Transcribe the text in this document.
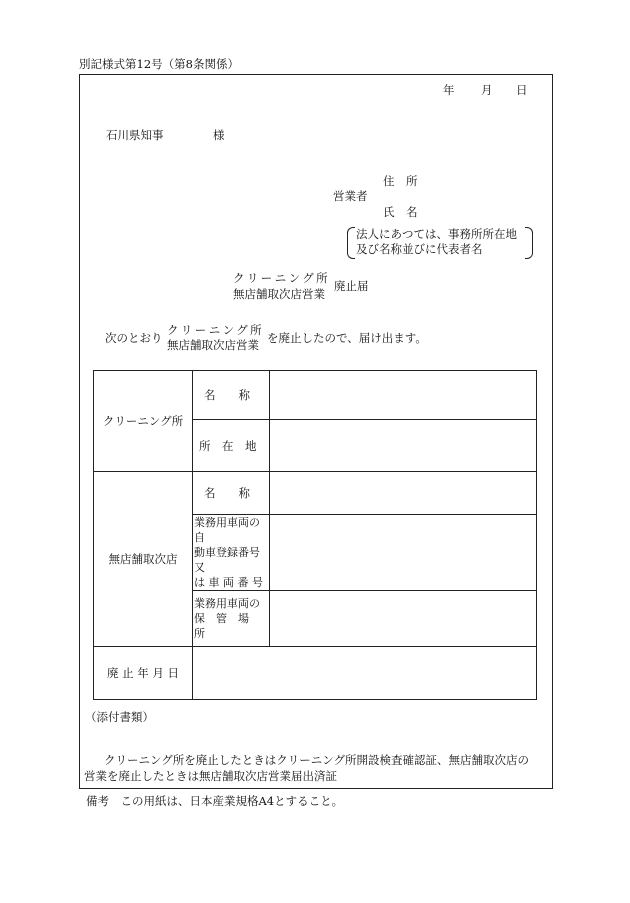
別記様式第12号（第8条関係）
年 月 日
石川県知事	様
住　所
営業者
氏　名
法人にあつては、事務所所在地
及び名称並びに代表者名
クリーニング所
無店舗取次店営業
廃止届
次のとおり
クリーニング所
無店舗取次店営業 を廃止したので、届け出ます。
クリーニング所	名　　称	
	所　在　地	
無店舗取次店	名　　称	

	業務用車両の自
動車登録番号又
は 車 両 番 号	

	業務用車両の
保　管　場　所	

廃 止 年 月 日		
（添付書類）
クリーニング所を廃止したときはクリーニング所開設検査確認証、無店舗取次店の
営業を廃止したときは無店舗取次店営業届出済証
備考　この用紙は、日本産業規格A4とすること。
